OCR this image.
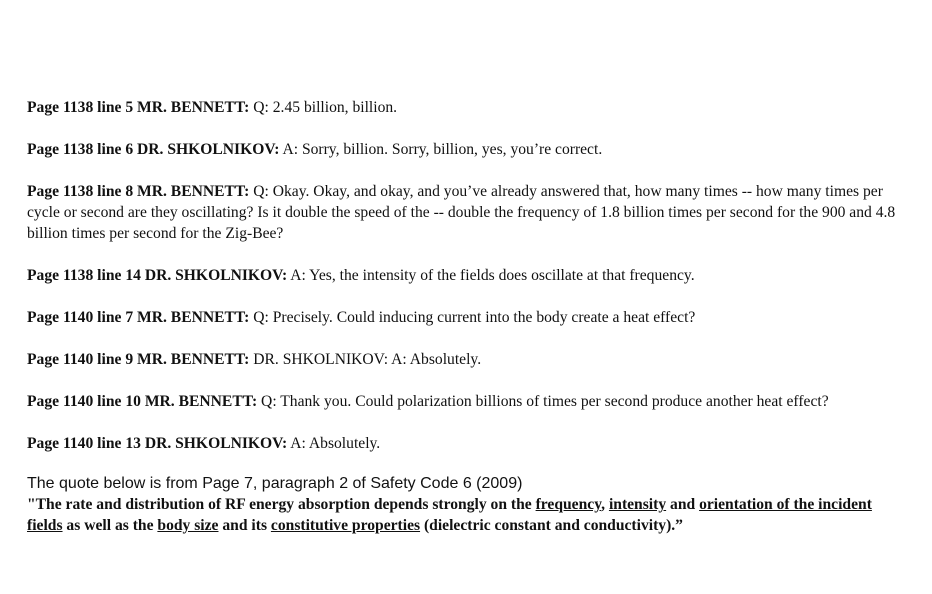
Page 1138 line 5 MR. BENNETT: Q: 2.45 billion, billion.

Page 1138 line 6 DR. SHKOLNIKOV: A: Sorry, billion. Sorry, billion, yes, you’re correct.

Page 1138 line 8 MR. BENNETT: Q: Okay. Okay, and okay, and you’ve already answered that, how many times -- how many times per cycle or second are they oscillating? Is it double the speed of the -- double the frequency of 1.8 billion times per second for the 900 and 4.8 billion times per second for the Zig-Bee?

Page 1138 line 14 DR. SHKOLNIKOV: A: Yes, the intensity of the fields does oscillate at that frequency.

Page 1140 line 7 MR. BENNETT: Q: Precisely. Could inducing current into the body create a heat effect?

Page 1140 line 9 MR. BENNETT: DR. SHKOLNIKOV: A: Absolutely.

Page 1140 line 10 MR. BENNETT: Q: Thank you. Could polarization billions of times per second produce another heat effect?

Page 1140 line 13 DR. SHKOLNIKOV: A: Absolutely.

The quote below is from Page 7, paragraph 2 of Safety Code 6 (2009)

"The rate and distribution of RF energy absorption depends strongly on the frequency, intensity and orientation of the incident fields as well as the body size and its constitutive properties (dielectric constant and conductivity).”
